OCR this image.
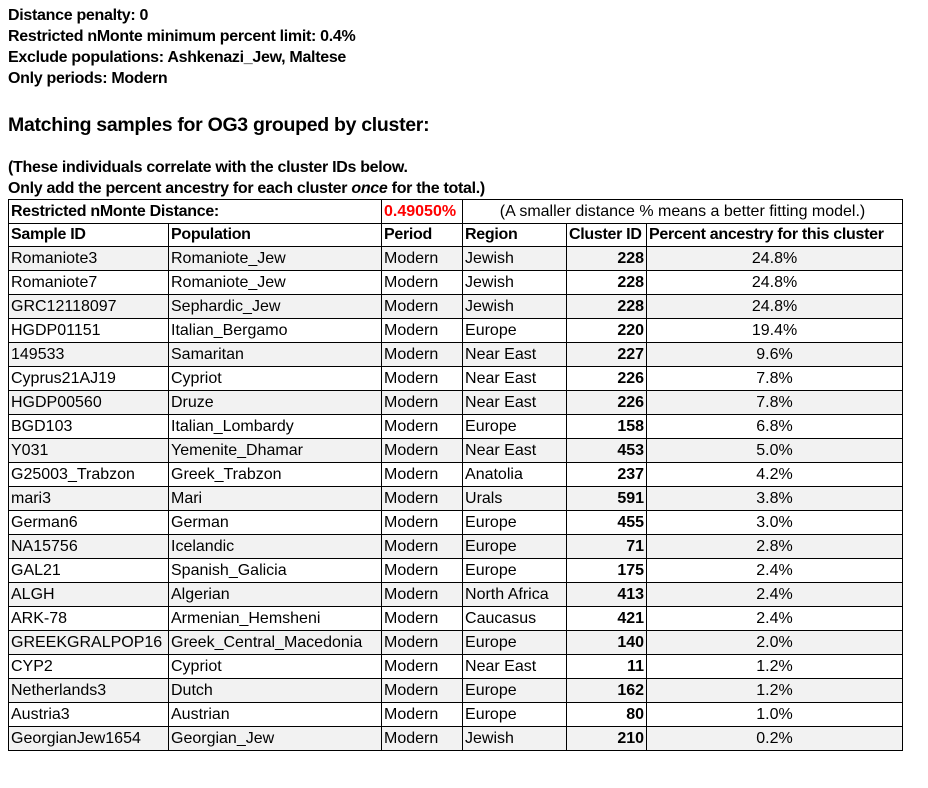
Distance penalty: 0
Restricted nMonte minimum percent limit: 0.4%
Exclude populations: Ashkenazi_Jew, Maltese
Only periods: Modern
Matching samples for OG3 grouped by cluster:
(These individuals correlate with the cluster IDs below.
Only add the percent ancestry for each cluster once for the total.)
Restricted nMonte Distance:		0.49050%	(A smaller distance % means a better fitting model.)		
Sample ID	Population	Period	Region	Cluster ID	Percent ancestry for this cluster
Romaniote3	Romaniote_Jew	Modern	Jewish	228	24.8%
Romaniote7	Romaniote_Jew	Modern	Jewish	228	24.8%
GRC12118097	Sephardic_Jew	Modern	Jewish	228	24.8%
HGDP01151	Italian_Bergamo	Modern	Europe	220	19.4%
149533	Samaritan	Modern	Near East	227	9.6%
Cyprus21AJ19	Cypriot	Modern	Near East	226	7.8%
HGDP00560	Druze	Modern	Near East	226	7.8%
BGD103	Italian_Lombardy	Modern	Europe	158	6.8%
Y031	Yemenite_Dhamar	Modern	Near East	453	5.0%
G25003_Trabzon	Greek_Trabzon	Modern	Anatolia	237	4.2%
mari3	Mari	Modern	Urals	591	3.8%
German6	German	Modern	Europe	455	3.0%
NA15756	Icelandic	Modern	Europe	71	2.8%
GAL21	Spanish_Galicia	Modern	Europe	175	2.4%
ALGH	Algerian	Modern	North Africa	413	2.4%
ARK-78	Armenian_Hemsheni	Modern	Caucasus	421	2.4%
GREEKGRALPOP16	Greek_Central_Macedonia	Modern	Europe	140	2.0%
CYP2	Cypriot	Modern	Near East	11	1.2%
Netherlands3	Dutch	Modern	Europe	162	1.2%
Austria3	Austrian	Modern	Europe	80	1.0%
GeorgianJew1654	Georgian_Jew	Modern	Jewish	210	0.2%
